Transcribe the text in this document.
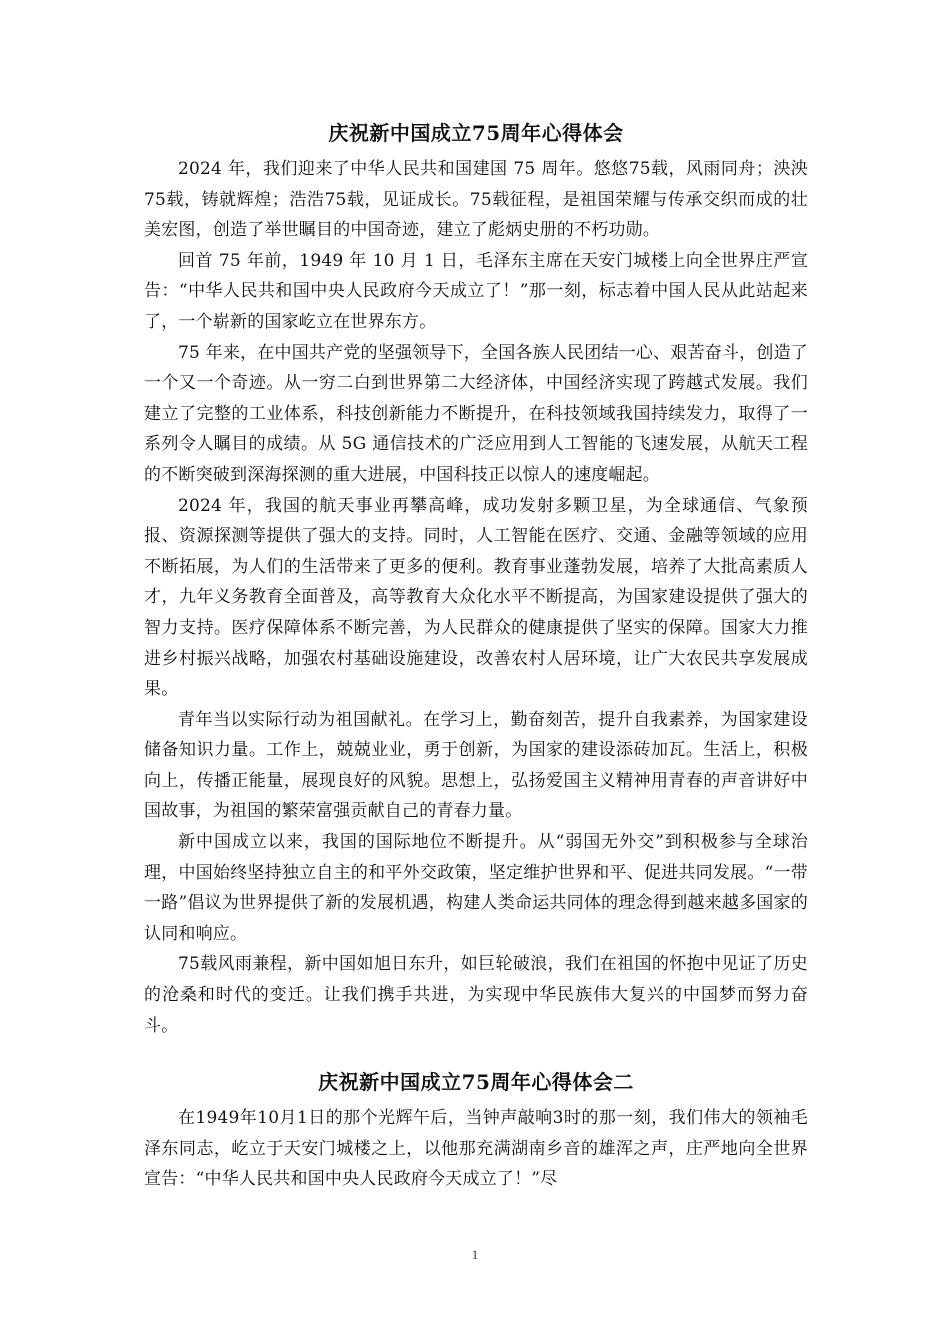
庆祝新中国成立75周年心得体会

2024 年，我们迎来了中华人民共和国建国 75 周年。悠悠75载，风雨同舟；泱泱75载，铸就辉煌；浩浩75载，见证成长。75载征程，是祖国荣耀与传承交织而成的壮美宏图，创造了举世瞩目的中国奇迹，建立了彪炳史册的不朽功勋。

回首 75 年前，1949 年 10 月 1 日，毛泽东主席在天安门城楼上向全世界庄严宣告：“中华人民共和国中央人民政府今天成立了！”那一刻，标志着中国人民从此站起来了，一个崭新的国家屹立在世界东方。

75 年来，在中国共产党的坚强领导下，全国各族人民团结一心、艰苦奋斗，创造了一个又一个奇迹。从一穷二白到世界第二大经济体，中国经济实现了跨越式发展。我们建立了完整的工业体系，科技创新能力不断提升，在科技领域我国持续发力，取得了一系列令人瞩目的成绩。从 5G 通信技术的广泛应用到人工智能的飞速发展，从航天工程的不断突破到深海探测的重大进展，中国科技正以惊人的速度崛起。

2024 年，我国的航天事业再攀高峰，成功发射多颗卫星，为全球通信、气象预报、资源探测等提供了强大的支持。同时，人工智能在医疗、交通、金融等领域的应用不断拓展，为人们的生活带来了更多的便利。教育事业蓬勃发展，培养了大批高素质人才，九年义务教育全面普及，高等教育大众化水平不断提高，为国家建设提供了强大的智力支持。医疗保障体系不断完善，为人民群众的健康提供了坚实的保障。国家大力推进乡村振兴战略，加强农村基础设施建设，改善农村人居环境，让广大农民共享发展成果。

青年当以实际行动为祖国献礼。在学习上，勤奋刻苦，提升自我素养，为国家建设储备知识力量。工作上，兢兢业业，勇于创新，为国家的建设添砖加瓦。生活上，积极向上，传播正能量，展现良好的风貌。思想上，弘扬爱国主义精神用青春的声音讲好中国故事，为祖国的繁荣富强贡献自己的青春力量。

新中国成立以来，我国的国际地位不断提升。从“弱国无外交”到积极参与全球治理，中国始终坚持独立自主的和平外交政策，坚定维护世界和平、促进共同发展。“一带一路”倡议为世界提供了新的发展机遇，构建人类命运共同体的理念得到越来越多国家的认同和响应。

75载风雨兼程，新中国如旭日东升，如巨轮破浪，我们在祖国的怀抱中见证了历史的沧桑和时代的变迁。让我们携手共进，为实现中华民族伟大复兴的中国梦而努力奋斗。

庆祝新中国成立75周年心得体会二

在1949年10月1日的那个光辉午后，当钟声敲响3时的那一刻，我们伟大的领袖毛泽东同志，屹立于天安门城楼之上，以他那充满湖南乡音的雄浑之声，庄严地向全世界宣告：“中华人民共和国中央人民政府今天成立了！”尽

1
